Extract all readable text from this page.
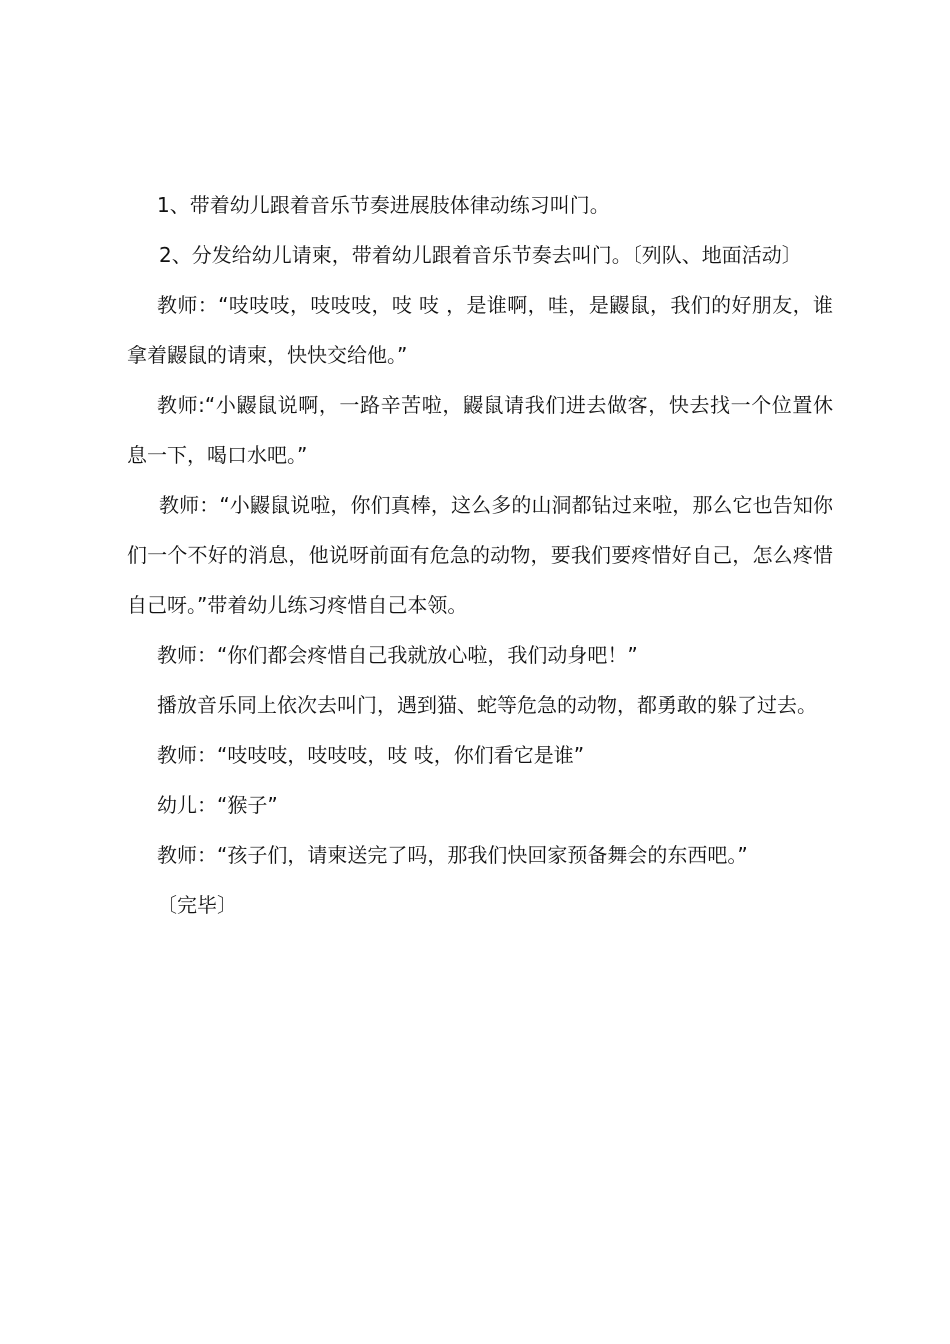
1、带着幼儿跟着音乐节奏进展肢体律动练习叫门。

2、分发给幼儿请柬，带着幼儿跟着音乐节奏去叫门。〔列队、地面活动〕

教师：“吱吱吱，吱吱吱，吱 吱 ，是谁啊，哇，是鼹鼠，我们的好朋友，谁拿着鼹鼠的请柬，快快交给他。”

教师:“小鼹鼠说啊，一路辛苦啦，鼹鼠请我们进去做客，快去找一个位置休息一下，喝口水吧。”

教师：“小鼹鼠说啦，你们真棒，这么多的山洞都钻过来啦，那么它也告知你们一个不好的消息，他说呀前面有危急的动物，要我们要疼惜好自己，怎么疼惜自己呀。”带着幼儿练习疼惜自己本领。

教师：“你们都会疼惜自己我就放心啦，我们动身吧！”

播放音乐同上依次去叫门，遇到猫、蛇等危急的动物，都勇敢的躲了过去。

教师：“吱吱吱，吱吱吱，吱 吱，你们看它是谁”

幼儿：“猴子”

教师：“孩子们，请柬送完了吗，那我们快回家预备舞会的东西吧。”

〔完毕〕
